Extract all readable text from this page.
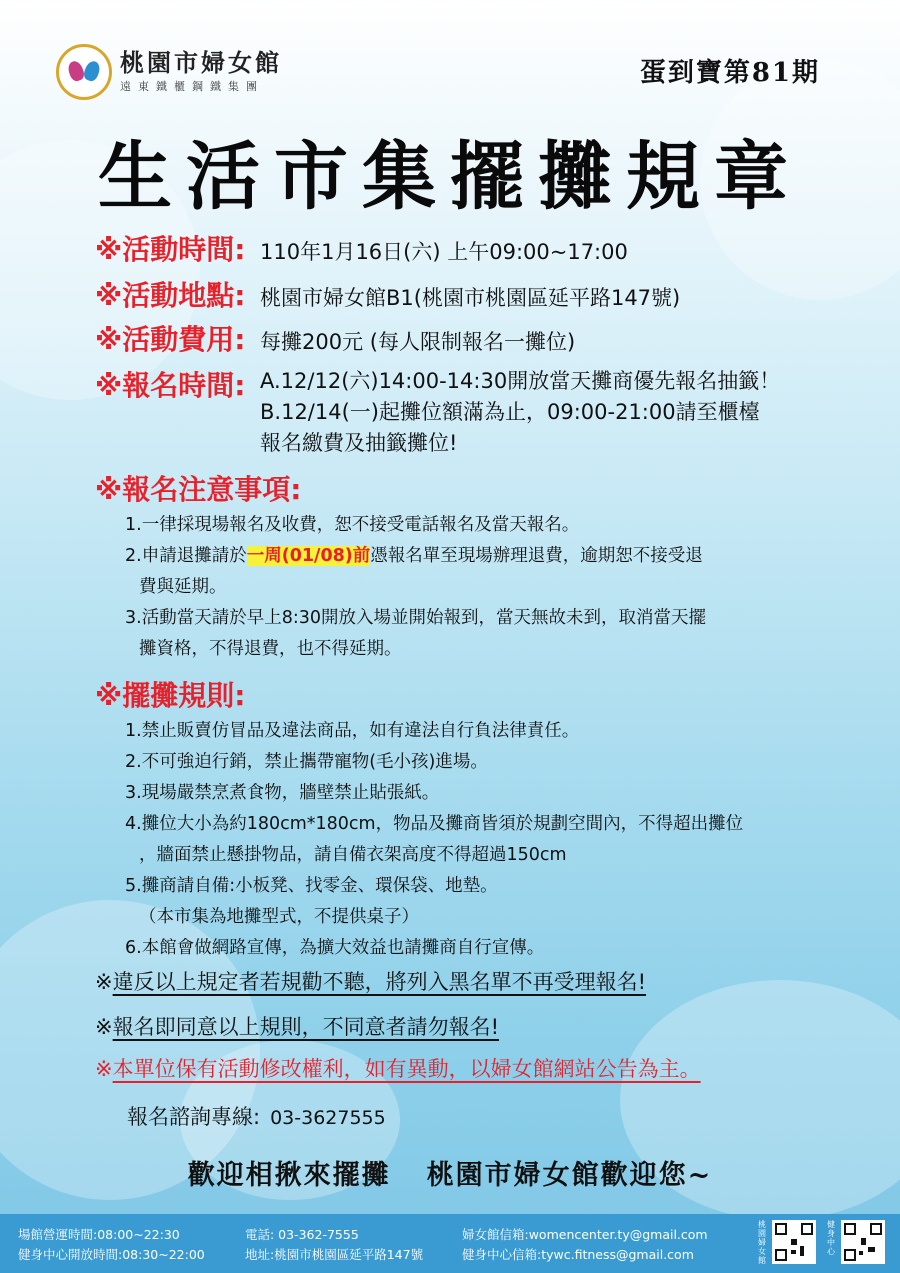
桃園市婦女館
遠東鐵櫃鋼鐵集團	蛋到寶第81期
生活市集擺攤規章
※活動時間: 110年1月16日(六) 上午09:00~17:00
※活動地點: 桃園市婦女館B1(桃園市桃園區延平路147號)
※活動費用: 每攤200元 (每人限制報名一攤位)
※報名時間: A.12/12(六)14:00-14:30開放當天攤商優先報名抽籤！
B.12/14(一)起攤位額滿為止，09:00-21:00請至櫃檯
報名繳費及抽籤攤位!
※報名注意事項:
1.一律採現場報名及收費，恕不接受電話報名及當天報名。
2.申請退攤請於一周(01/08)前憑報名單至現場辦理退費，逾期恕不接受退
費與延期。
3.活動當天請於早上8:30開放入場並開始報到，當天無故未到，取消當天擺
攤資格，不得退費，也不得延期。
※擺攤規則:
1.禁止販賣仿冒品及違法商品，如有違法自行負法律責任。
2.不可強迫行銷，禁止攜帶寵物(毛小孩)進場。
3.現場嚴禁烹煮食物，牆壁禁止貼張紙。
4.攤位大小為約180cm*180cm，物品及攤商皆須於規劃空間內，不得超出攤位
，牆面禁止懸掛物品，請自備衣架高度不得超過150cm
5.攤商請自備:小板凳、找零金、環保袋、地墊。
（本市集為地攤型式，不提供桌子）
6.本館會做網路宣傳，為擴大效益也請攤商自行宣傳。
※違反以上規定者若規勸不聽，將列入黑名單不再受理報名!
※報名即同意以上規則，不同意者請勿報名!
※本單位保有活動修改權利，如有異動，以婦女館網站公告為主。
報名諮詢專線: 03-3627555
歡迎相揪來擺攤 桃園市婦女館歡迎您~
場館營運時間:08:00~22:30
健身中心開放時間:08:30~22:00
電話: 03-362-7555
地址:桃園市桃園區延平路147號
婦女館信箱:womencenter.ty@gmail.com
健身中心信箱:tywc.fitness@gmail.com
桃園婦女館
健身中心
